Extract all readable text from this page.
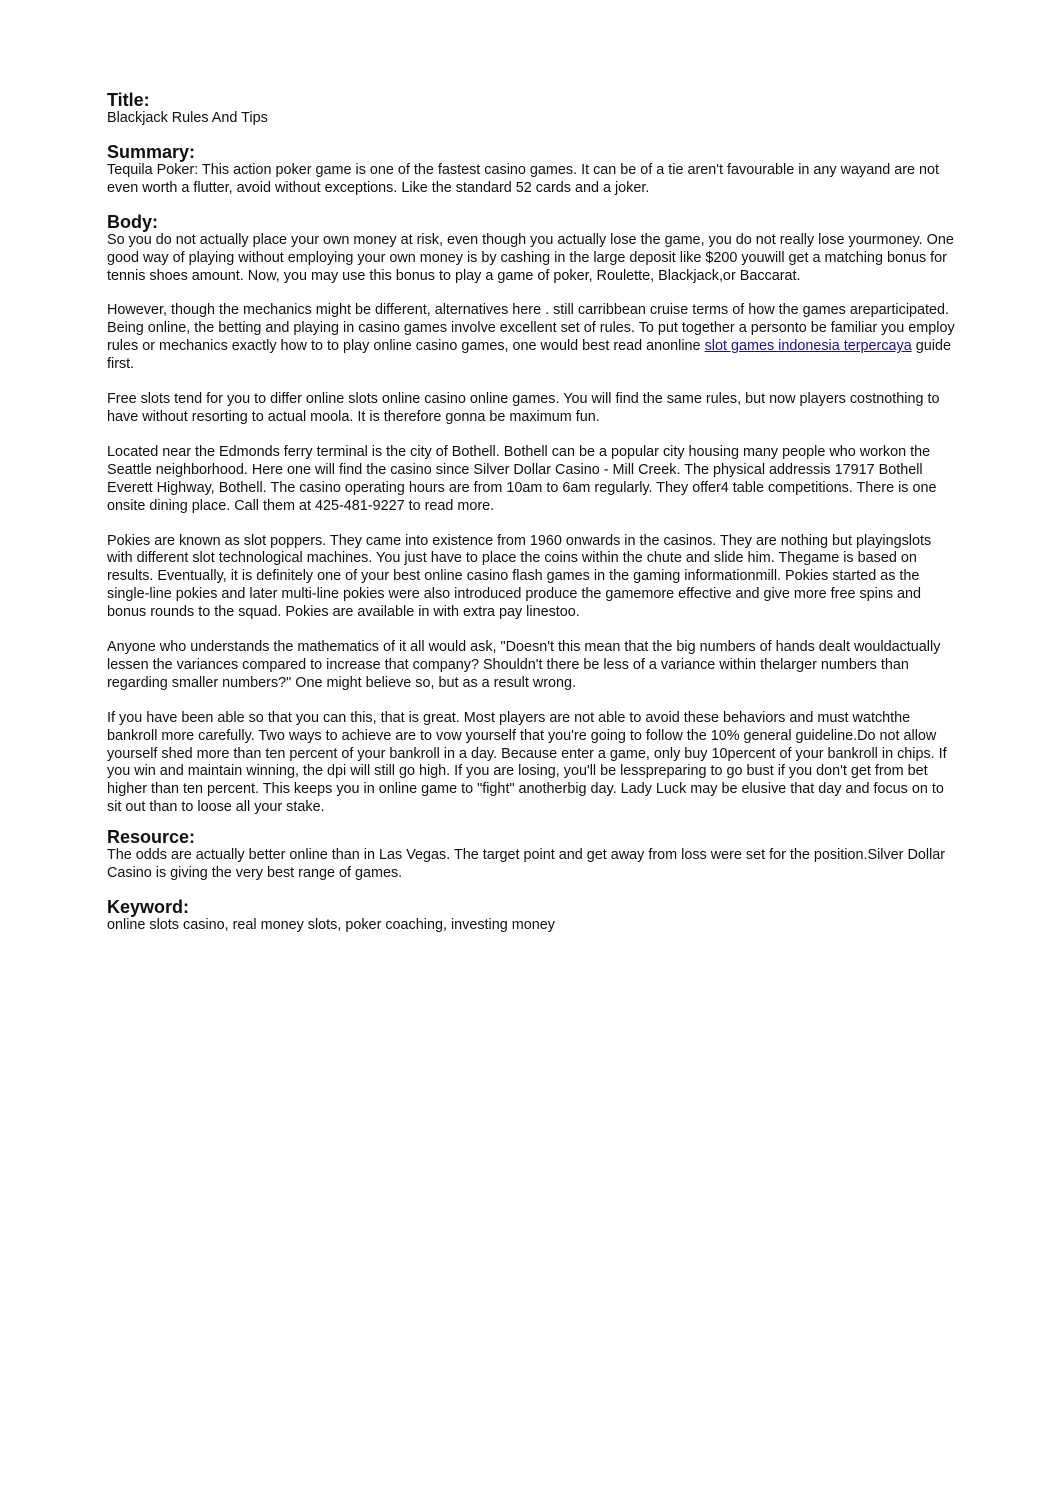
Title:
Blackjack Rules And Tips
Summary:
Tequila Poker: This action poker game is one of the fastest casino games. It can be of a tie aren't favourable in any wayand are not even worth a flutter, avoid without exceptions. Like the standard 52 cards and a joker.
Body:

So you do not actually place your own money at risk, even though you actually lose the game, you do not really lose yourmoney. One good way of playing without employing your own money is by cashing in the large deposit like $200 youwill get a matching bonus for tennis shoes amount. Now, you may use this bonus to play a game of poker, Roulette, Blackjack,or Baccarat.

However, though the mechanics might be different, alternatives here . still carribbean cruise terms of how the games areparticipated. Being online, the betting and playing in casino games involve excellent set of rules. To put together a personto be familiar you employ rules or mechanics exactly how to to play online casino games, one would best read anonline slot games indonesia terpercaya guide first.

Free slots tend for you to differ online slots online casino online games. You will find the same rules, but now players costnothing to have without resorting to actual moola. It is therefore gonna be maximum fun.

Located near the Edmonds ferry terminal is the city of Bothell. Bothell can be a popular city housing many people who workon the Seattle neighborhood. Here one will find the casino since Silver Dollar Casino - Mill Creek. The physical addressis 17917 Bothell Everett Highway, Bothell. The casino operating hours are from 10am to 6am regularly. They offer4 table competitions. There is one onsite dining place. Call them at 425-481-9227 to read more.

Pokies are known as slot poppers. They came into existence from 1960 onwards in the casinos. They are nothing but playingslots with different slot technological machines. You just have to place the coins within the chute and slide him. Thegame is based on results. Eventually, it is definitely one of your best online casino flash games in the gaming informationmill. Pokies started as the single-line pokies and later multi-line pokies were also introduced produce the gamemore effective and give more free spins and bonus rounds to the squad. Pokies are available in with extra pay linestoo.

Anyone who understands the mathematics of it all would ask, "Doesn't this mean that the big numbers of hands dealt wouldactually lessen the variances compared to increase that company? Shouldn't there be less of a variance within thelarger numbers than regarding smaller numbers?" One might believe so, but as a result wrong.

If you have been able so that you can this, that is great. Most players are not able to avoid these behaviors and must watchthe bankroll more carefully. Two ways to achieve are to vow yourself that you're going to follow the 10% general guideline.Do not allow yourself shed more than ten percent of your bankroll in a day. Because enter a game, only buy 10percent of your bankroll in chips. If you win and maintain winning, the dpi will still go high. If you are losing, you'll be lesspreparing to go bust if you don't get from bet higher than ten percent. This keeps you in online game to "fight" anotherbig day. Lady Luck may be elusive that day and focus on to sit out than to loose all your stake.

Resource:
The odds are actually better online than in Las Vegas. The target point and get away from loss were set for the position.Silver Dollar Casino is giving the very best range of games.
Keyword:
online slots casino, real money slots, poker coaching, investing money
